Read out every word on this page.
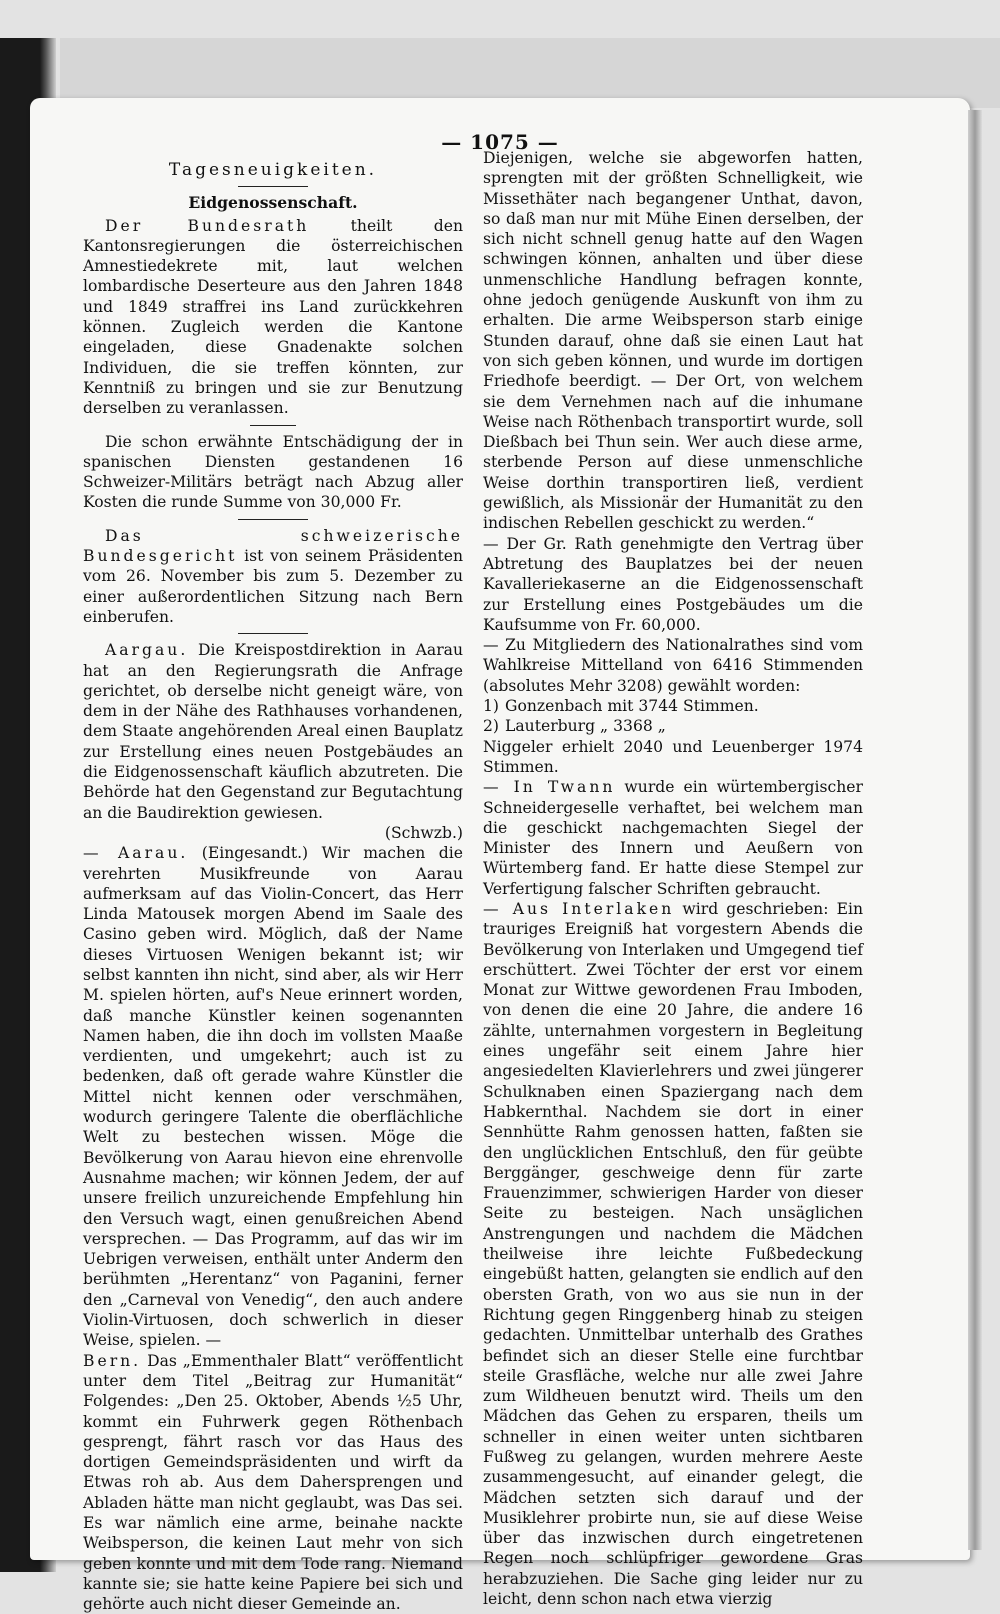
— 1075 —
Tagesneuigkeiten.
Eidgenossenschaft.

Der Bundesrath theilt den Kantonsregierungen die österreichischen Amnestiedekrete mit, laut welchen lombardische Deserteure aus den Jahren 1848 und 1849 straffrei ins Land zurückkehren können. Zugleich werden die Kantone eingeladen, diese Gnadenakte solchen Individuen, die sie treffen könnten, zur Kenntniß zu bringen und sie zur Benutzung derselben zu veranlassen.

Die schon erwähnte Entschädigung der in spanischen Diensten gestandenen 16 Schweizer-Militärs beträgt nach Abzug aller Kosten die runde Summe von 30,000 Fr.

Das schweizerische Bundesgericht ist von seinem Präsidenten vom 26. November bis zum 5. Dezember zu einer außerordentlichen Sitzung nach Bern einberufen.

Aargau. Die Kreispostdirektion in Aarau hat an den Regierungsrath die Anfrage gerichtet, ob derselbe nicht geneigt wäre, von dem in der Nähe des Rathhauses vorhandenen, dem Staate angehörenden Areal einen Bauplatz zur Erstellung eines neuen Postgebäudes an die Eidgenossenschaft käuflich abzutreten. Die Behörde hat den Gegenstand zur Begutachtung an die Baudirektion gewiesen.
(Schwzb.)

— Aarau. (Eingesandt.) Wir machen die verehrten Musikfreunde von Aarau aufmerksam auf das Violin-Concert, das Herr Linda Matousek morgen Abend im Saale des Casino geben wird. Möglich, daß der Name dieses Virtuosen Wenigen bekannt ist; wir selbst kannten ihn nicht, sind aber, als wir Herr M. spielen hörten, auf's Neue erinnert worden, daß manche Künstler keinen sogenannten Namen haben, die ihn doch im vollsten Maaße verdienten, und umgekehrt; auch ist zu bedenken, daß oft gerade wahre Künstler die Mittel nicht kennen oder verschmähen, wodurch geringere Talente die oberflächliche Welt zu bestechen wissen. Möge die Bevölkerung von Aarau hievon eine ehrenvolle Ausnahme machen; wir können Jedem, der auf unsere freilich unzureichende Empfehlung hin den Versuch wagt, einen genußreichen Abend versprechen. — Das Programm, auf das wir im Uebrigen verweisen, enthält unter Anderm den berühmten „Herentanz“ von Paganini, ferner den „Carneval von Venedig“, den auch andere Violin-Virtuosen, doch schwerlich in dieser Weise, spielen. —

Bern. Das „Emmenthaler Blatt“ veröffentlicht unter dem Titel „Beitrag zur Humanität“ Folgendes: „Den 25. Oktober, Abends ½5 Uhr, kommt ein Fuhrwerk gegen Röthenbach gesprengt, fährt rasch vor das Haus des dortigen Gemeindspräsidenten und wirft da Etwas roh ab. Aus dem Dahersprengen und Abladen hätte man nicht geglaubt, was Das sei. Es war nämlich eine arme, beinahe nackte Weibsperson, die keinen Laut mehr von sich geben konnte und mit dem Tode rang. Niemand kannte sie; sie hatte keine Papiere bei sich und gehörte auch nicht dieser Gemeinde an.

Diejenigen, welche sie abgeworfen hatten, sprengten mit der größten Schnelligkeit, wie Missethäter nach begangener Unthat, davon, so daß man nur mit Mühe Einen derselben, der sich nicht schnell genug hatte auf den Wagen schwingen können, anhalten und über diese unmenschliche Handlung befragen konnte, ohne jedoch genügende Auskunft von ihm zu erhalten. Die arme Weibsperson starb einige Stunden darauf, ohne daß sie einen Laut hat von sich geben können, und wurde im dortigen Friedhofe beerdigt. — Der Ort, von welchem sie dem Vernehmen nach auf die inhumane Weise nach Röthenbach transportirt wurde, soll Dießbach bei Thun sein. Wer auch diese arme, sterbende Person auf diese unmenschliche Weise dorthin transportiren ließ, verdient gewißlich, als Missionär der Humanität zu den indischen Rebellen geschickt zu werden.“

— Der Gr. Rath genehmigte den Vertrag über Abtretung des Bauplatzes bei der neuen Kavalleriekaserne an die Eidgenossenschaft zur Erstellung eines Postgebäudes um die Kaufsumme von Fr. 60,000.

— Zu Mitgliedern des Nationalrathes sind vom Wahlkreise Mittelland von 6416 Stimmenden (absolutes Mehr 3208) gewählt worden:

1) Gonzenbach mit 3744 Stimmen.

2) Lauterburg „ 3368 „

Niggeler erhielt 2040 und Leuenberger 1974 Stimmen.

— In Twann wurde ein würtembergischer Schneidergeselle verhaftet, bei welchem man die geschickt nachgemachten Siegel der Minister des Innern und Aeußern von Würtemberg fand. Er hatte diese Stempel zur Verfertigung falscher Schriften gebraucht.

— Aus Interlaken wird geschrieben: Ein trauriges Ereigniß hat vorgestern Abends die Bevölkerung von Interlaken und Umgegend tief erschüttert. Zwei Töchter der erst vor einem Monat zur Wittwe gewordenen Frau Imboden, von denen die eine 20 Jahre, die andere 16 zählte, unternahmen vorgestern in Begleitung eines ungefähr seit einem Jahre hier angesiedelten Klavierlehrers und zwei jüngerer Schulknaben einen Spaziergang nach dem Habkernthal. Nachdem sie dort in einer Sennhütte Rahm genossen hatten, faßten sie den unglücklichen Entschluß, den für geübte Berggänger, geschweige denn für zarte Frauenzimmer, schwierigen Harder von dieser Seite zu besteigen. Nach unsäglichen Anstrengungen und nachdem die Mädchen theilweise ihre leichte Fußbedeckung eingebüßt hatten, gelangten sie endlich auf den obersten Grath, von wo aus sie nun in der Richtung gegen Ringgenberg hinab zu steigen gedachten. Unmittelbar unterhalb des Grathes befindet sich an dieser Stelle eine furchtbar steile Grasfläche, welche nur alle zwei Jahre zum Wildheuen benutzt wird. Theils um den Mädchen das Gehen zu ersparen, theils um schneller in einen weiter unten sichtbaren Fußweg zu gelangen, wurden mehrere Aeste zusammengesucht, auf einander gelegt, die Mädchen setzten sich darauf und der Musiklehrer probirte nun, sie auf diese Weise über das inzwischen durch eingetretenen Regen noch schlüpfriger gewordene Gras herabzuziehen. Die Sache ging leider nur zu leicht, denn schon nach etwa vierzig
